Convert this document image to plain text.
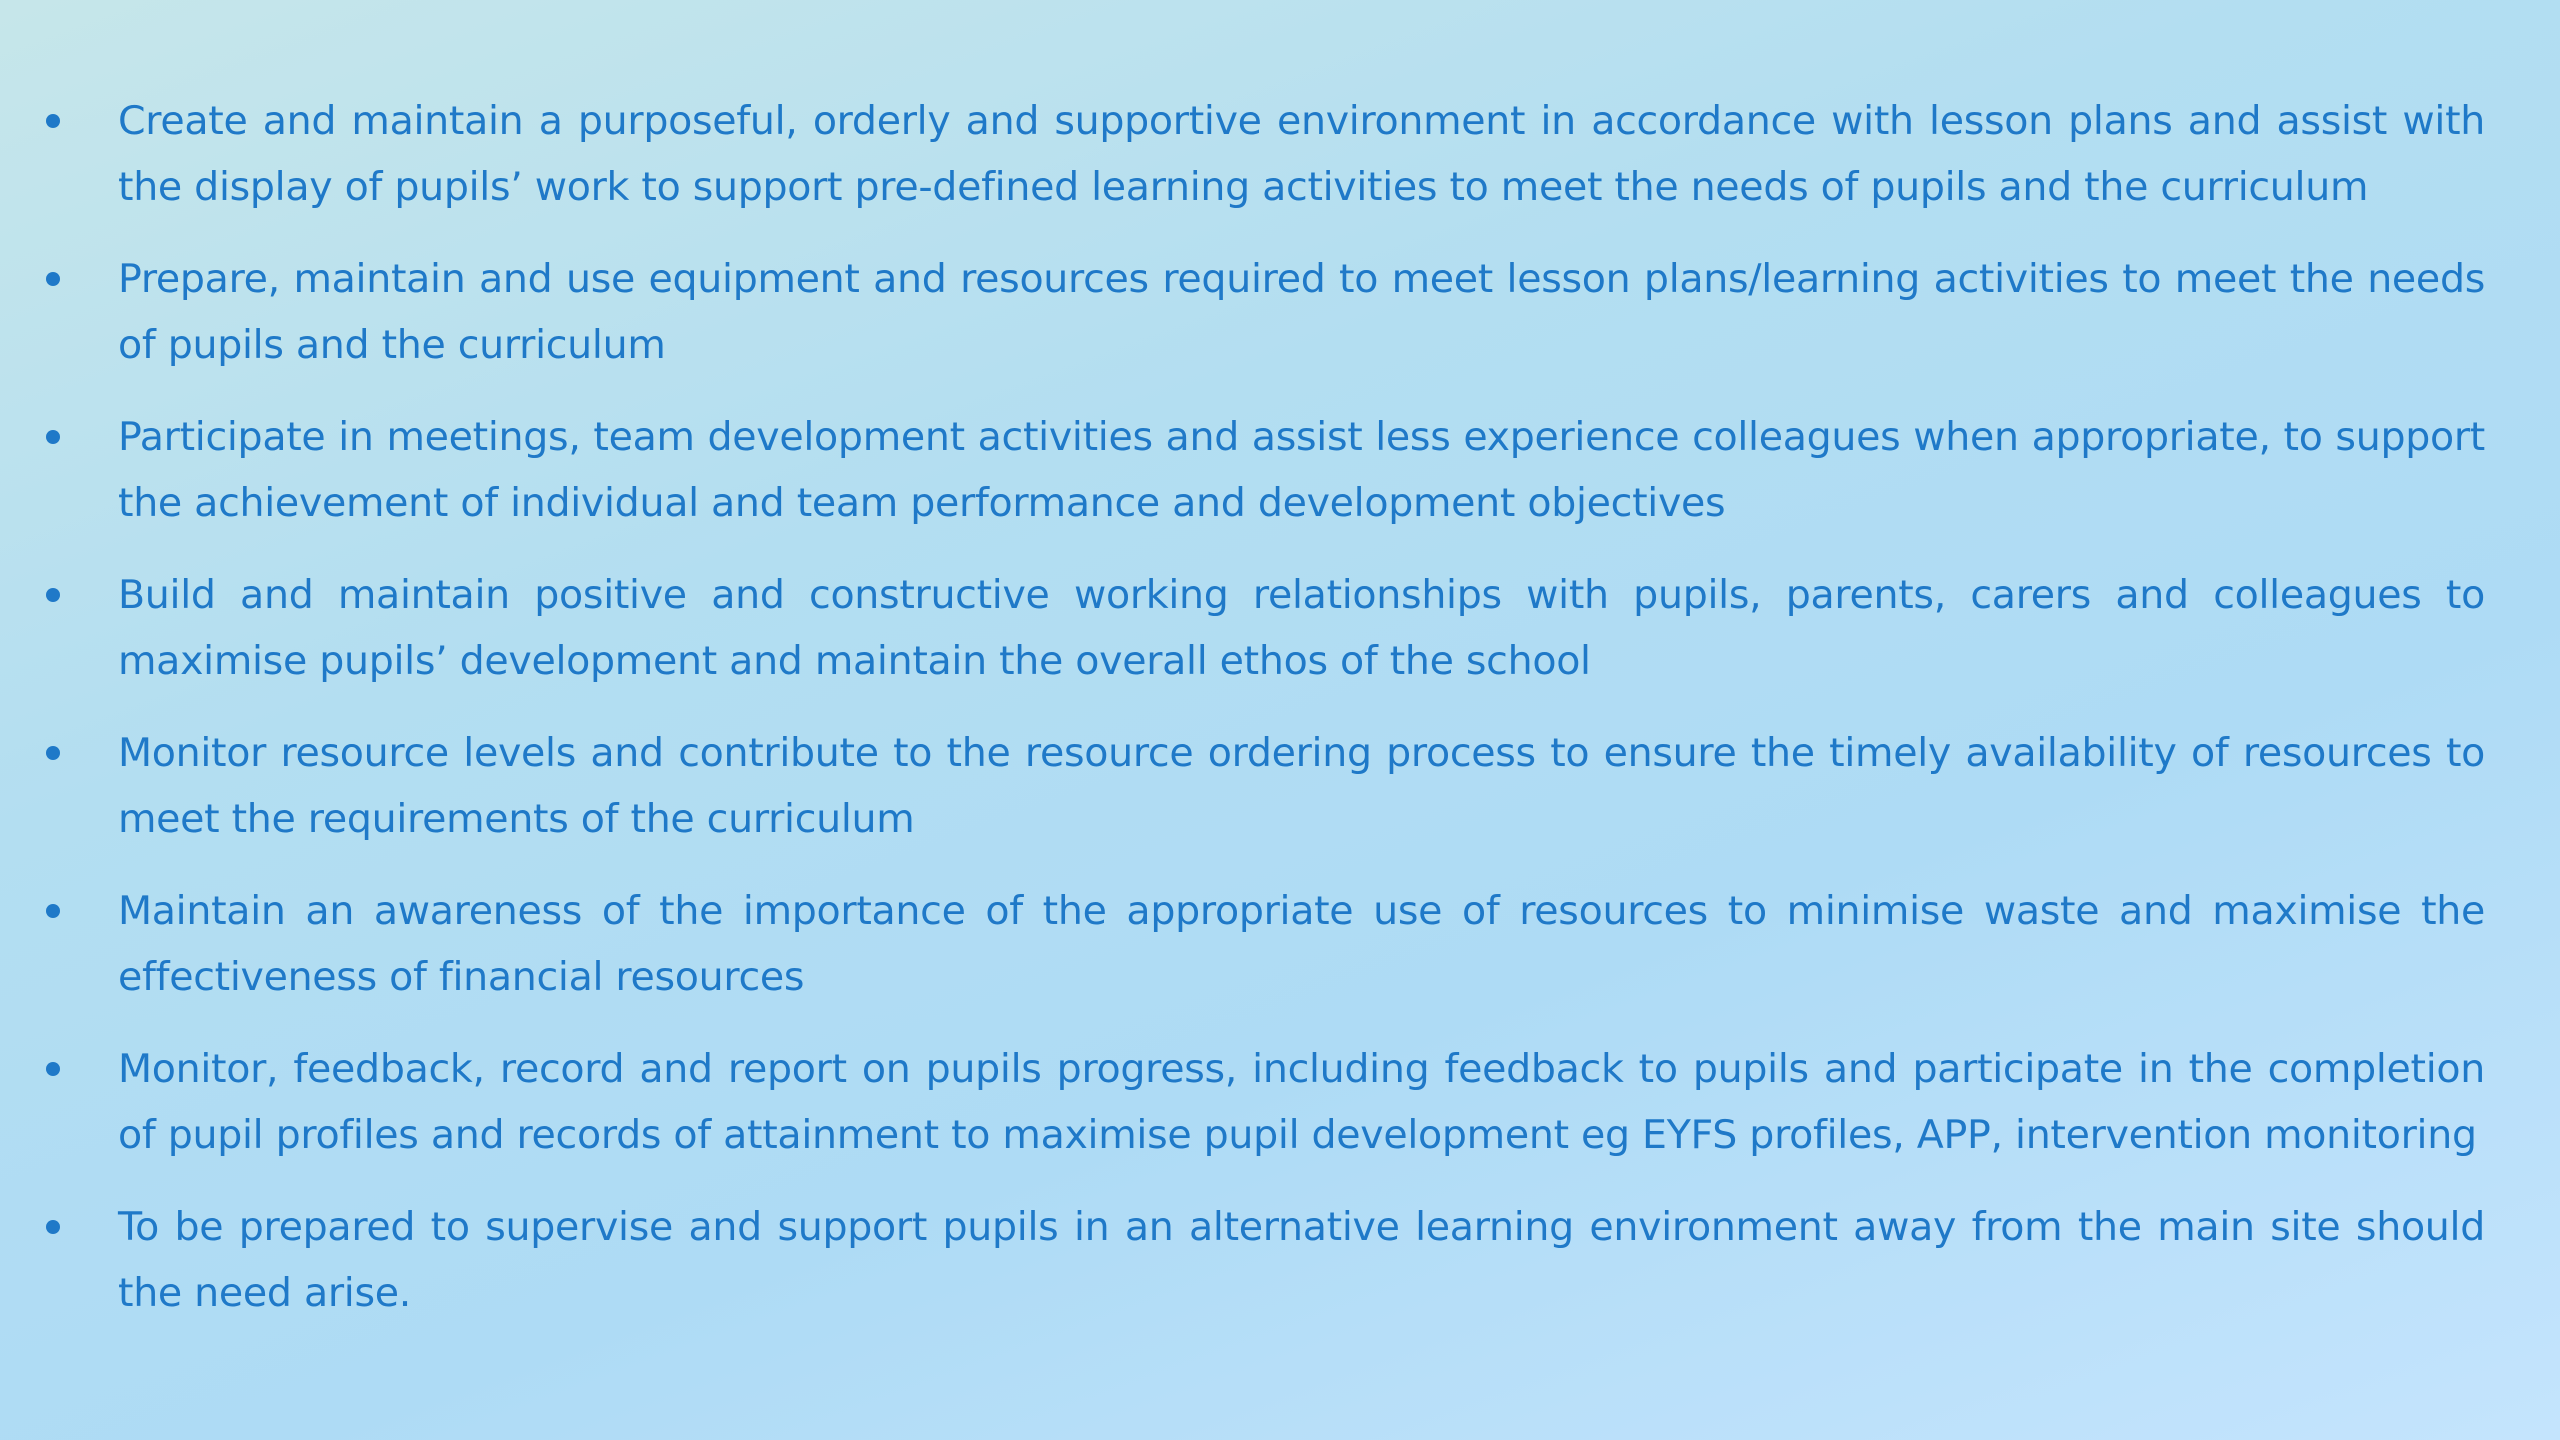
Create and maintain a purposeful, orderly and supportive environment in accordance with lesson plans and assist with the display of pupils’ work to support pre-defined learning activities to meet the needs of pupils and the curriculum
Prepare, maintain and use equipment and resources required to meet lesson plans/learning activities to meet the needs of pupils and the curriculum
Participate in meetings, team development activities and assist less experience colleagues when appropriate, to support the achievement of individual and team performance and development objectives
Build and maintain positive and constructive working relationships with pupils, parents, carers and colleagues to maximise pupils’ development and maintain the overall ethos of the school
Monitor resource levels and contribute to the resource ordering process to ensure the timely availability of resources to meet the requirements of the curriculum
Maintain an awareness of the importance of the appropriate use of resources to minimise waste and maximise the effectiveness of financial resources
Monitor, feedback, record and report on pupils progress, including feedback to pupils and participate in the completion of pupil profiles and records of attainment to maximise pupil development eg EYFS profiles, APP, intervention monitoring
To be prepared to supervise and support pupils in an alternative learning environment away from the main site should the need arise.
